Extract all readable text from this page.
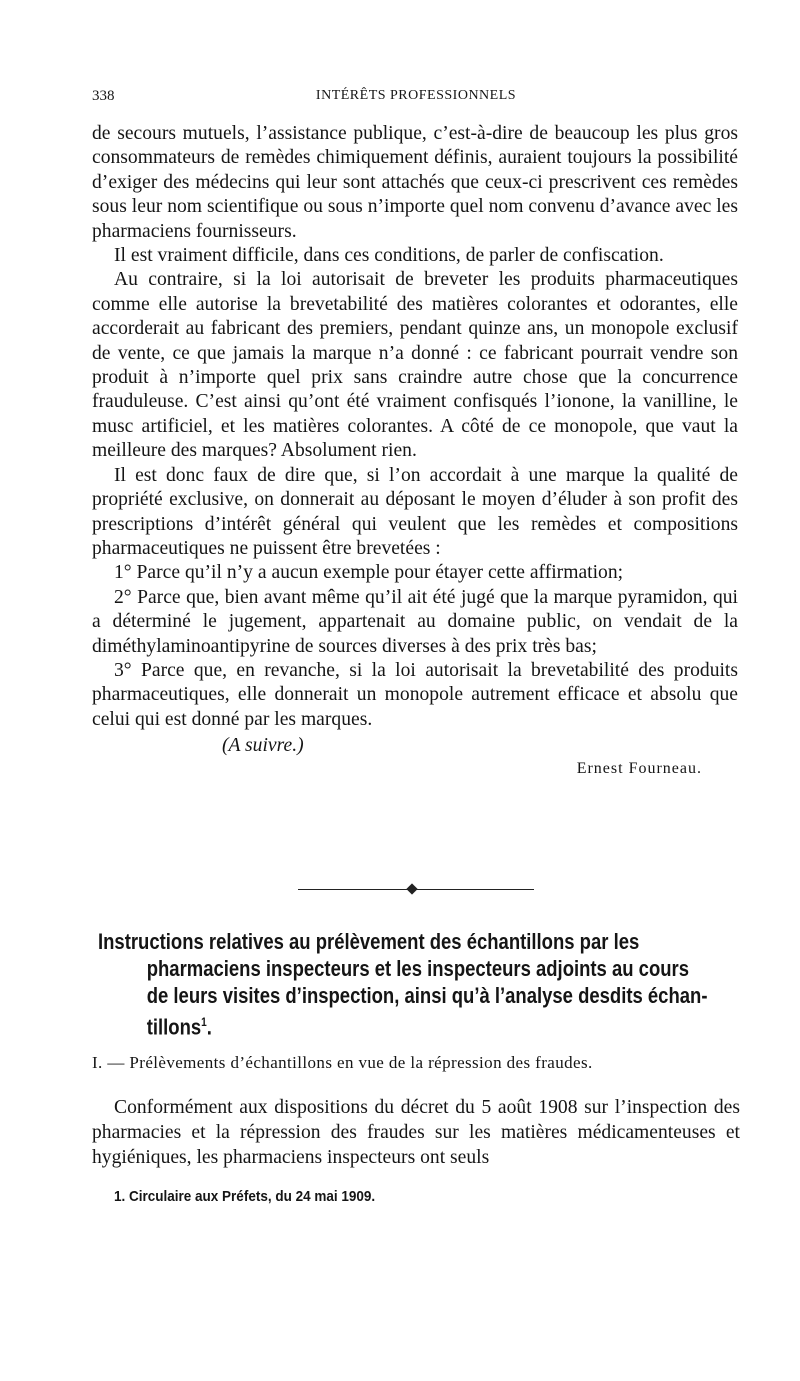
338	INTÉRÊTS PROFESSIONNELS

de secours mutuels, l’assistance publique, c’est-à-dire de beaucoup les plus gros consommateurs de remèdes chimiquement définis, auraient toujours la possibilité d’exiger des médecins qui leur sont attachés que ceux-ci prescrivent ces remèdes sous leur nom scientifique ou sous n’importe quel nom convenu d’avance avec les pharmaciens fournisseurs.

Il est vraiment difficile, dans ces conditions, de parler de confiscation.

Au contraire, si la loi autorisait de breveter les produits pharmaceutiques comme elle autorise la brevetabilité des matières colorantes et odorantes, elle accorderait au fabricant des premiers, pendant quinze ans, un monopole exclusif de vente, ce que jamais la marque n’a donné : ce fabricant pourrait vendre son produit à n’importe quel prix sans craindre autre chose que la concurrence frauduleuse. C’est ainsi qu’ont été vraiment confisqués l’ionone, la vanilline, le musc artificiel, et les matières colorantes. A côté de ce monopole, que vaut la meilleure des marques? Absolument rien.

Il est donc faux de dire que, si l’on accordait à une marque la qualité de propriété exclusive, on donnerait au déposant le moyen d’éluder à son profit des prescriptions d’intérêt général qui veulent que les remèdes et compositions pharmaceutiques ne puissent être brevetées :

1° Parce qu’il n’y a aucun exemple pour étayer cette affirmation;

2° Parce que, bien avant même qu’il ait été jugé que la marque pyramidon, qui a déterminé le jugement, appartenait au domaine public, on vendait de la diméthylaminoantipyrine de sources diverses à des prix très bas;

3° Parce que, en revanche, si la loi autorisait la brevetabilité des produits pharmaceutiques, elle donnerait un monopole autrement efficace et absolu que celui qui est donné par les marques.

(A suivre.)

Ernest Fourneau.

Instructions relatives au prélèvement des échantillons par les
pharmaciens inspecteurs et les inspecteurs adjoints au cours
de leurs visites d’inspection, ainsi qu’à l’analyse desdits échan-
tillons$^1$.
I. — Prélèvements d’échantillons en vue de la répression des fraudes.

Conformément aux dispositions du décret du 5 août 1908 sur l’inspection des pharmacies et la répression des fraudes sur les matières médicamenteuses et hygiéniques, les pharmaciens inspecteurs ont seuls

1. Circulaire aux Préfets, du 24 mai 1909.
